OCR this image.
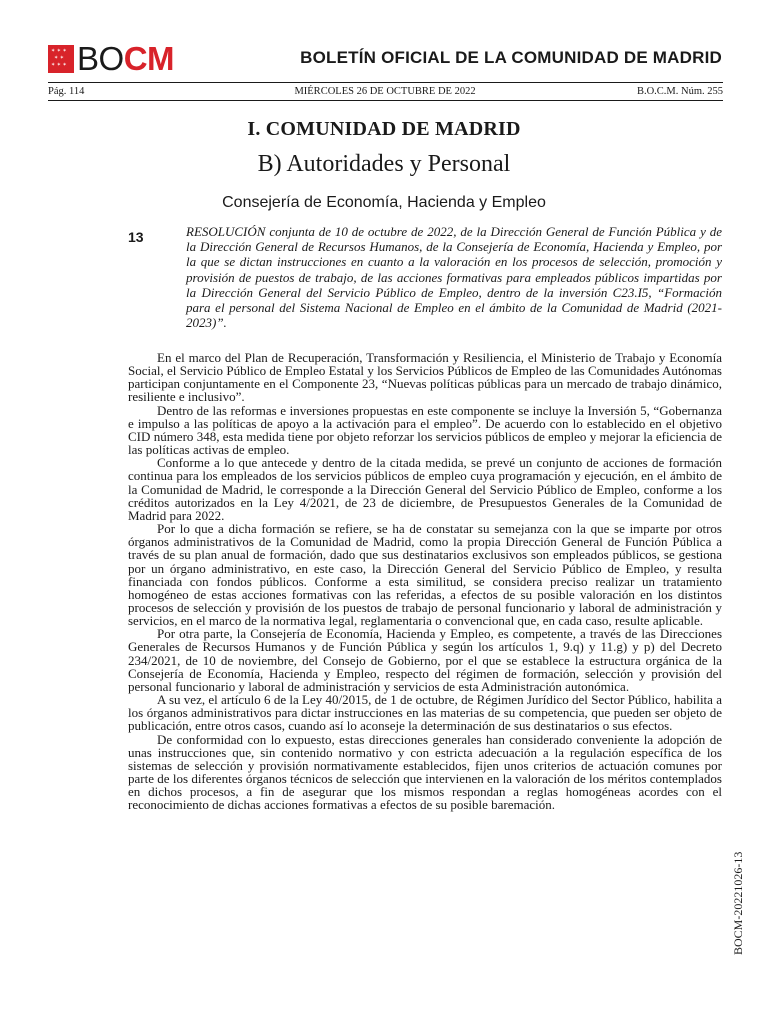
✶ ✶ ✶
✶ ✶
✶ ✶ ✶ BOCM	BOLETÍN OFICIAL DE LA COMUNIDAD DE MADRID
Pág. 114	MIÉRCOLES 26 DE OCTUBRE DE 2022	B.O.C.M. Núm. 255
I. COMUNIDAD DE MADRID
B) Autoridades y Personal
Consejería de Economía, Hacienda y Empleo
13	RESOLUCIÓN conjunta de 10 de octubre de 2022, de la Dirección General de Función Pública y de la Dirección General de Recursos Humanos, de la Consejería de Economía, Hacienda y Empleo, por la que se dictan instrucciones en cuanto a la valoración en los procesos de selección, promoción y provisión de puestos de trabajo, de las acciones formativas para empleados públicos impartidas por la Dirección General del Servicio Público de Empleo, dentro de la inversión C23.I5, “Formación para el personal del Sistema Nacional de Empleo en el ámbito de la Comunidad de Madrid (2021-2023)”.

En el marco del Plan de Recuperación, Transformación y Resiliencia, el Ministerio de Trabajo y Economía Social, el Servicio Público de Empleo Estatal y los Servicios Públicos de Empleo de las Comunidades Autónomas participan conjuntamente en el Componente 23, “Nuevas políticas públicas para un mercado de trabajo dinámico, resiliente e inclusivo”.

Dentro de las reformas e inversiones propuestas en este componente se incluye la Inversión 5, “Gobernanza e impulso a las políticas de apoyo a la activación para el empleo”. De acuerdo con lo establecido en el objetivo CID número 348, esta medida tiene por objeto reforzar los servicios públicos de empleo y mejorar la eficiencia de las políticas activas de empleo.

Conforme a lo que antecede y dentro de la citada medida, se prevé un conjunto de acciones de formación continua para los empleados de los servicios públicos de empleo cuya programación y ejecución, en el ámbito de la Comunidad de Madrid, le corresponde a la Dirección General del Servicio Público de Empleo, conforme a los créditos autorizados en la Ley 4/2021, de 23 de diciembre, de Presupuestos Generales de la Comunidad de Madrid para 2022.

Por lo que a dicha formación se refiere, se ha de constatar su semejanza con la que se imparte por otros órganos administrativos de la Comunidad de Madrid, como la propia Dirección General de Función Pública a través de su plan anual de formación, dado que sus destinatarios exclusivos son empleados públicos, se gestiona por un órgano administrativo, en este caso, la Dirección General del Servicio Público de Empleo, y resulta financiada con fondos públicos. Conforme a esta similitud, se considera preciso realizar un tratamiento homogéneo de estas acciones formativas con las referidas, a efectos de su posible valoración en los distintos procesos de selección y provisión de los puestos de trabajo de personal funcionario y laboral de administración y servicios, en el marco de la normativa legal, reglamentaria o convencional que, en cada caso, resulte aplicable.

Por otra parte, la Consejería de Economía, Hacienda y Empleo, es competente, a través de las Direcciones Generales de Recursos Humanos y de Función Pública y según los artículos 1, 9.q) y 11.g) y p) del Decreto 234/2021, de 10 de noviembre, del Consejo de Gobierno, por el que se establece la estructura orgánica de la Consejería de Economía, Hacienda y Empleo, respecto del régimen de formación, selección y provisión del personal funcionario y laboral de administración y servicios de esta Administración autonómica.

A su vez, el artículo 6 de la Ley 40/2015, de 1 de octubre, de Régimen Jurídico del Sector Público, habilita a los órganos administrativos para dictar instrucciones en las materias de su competencia, que pueden ser objeto de publicación, entre otros casos, cuando así lo aconseje la determinación de sus destinatarios o sus efectos.

De conformidad con lo expuesto, estas direcciones generales han considerado conveniente la adopción de unas instrucciones que, sin contenido normativo y con estricta adecuación a la regulación específica de los sistemas de selección y provisión normativamente establecidos, fijen unos criterios de actuación comunes por parte de los diferentes órganos técnicos de selección que intervienen en la valoración de los méritos contemplados en dichos procesos, a fin de asegurar que los mismos respondan a reglas homogéneas acordes con el reconocimiento de dichas acciones formativas a efectos de su posible baremación.

BOCM-20221026-13
